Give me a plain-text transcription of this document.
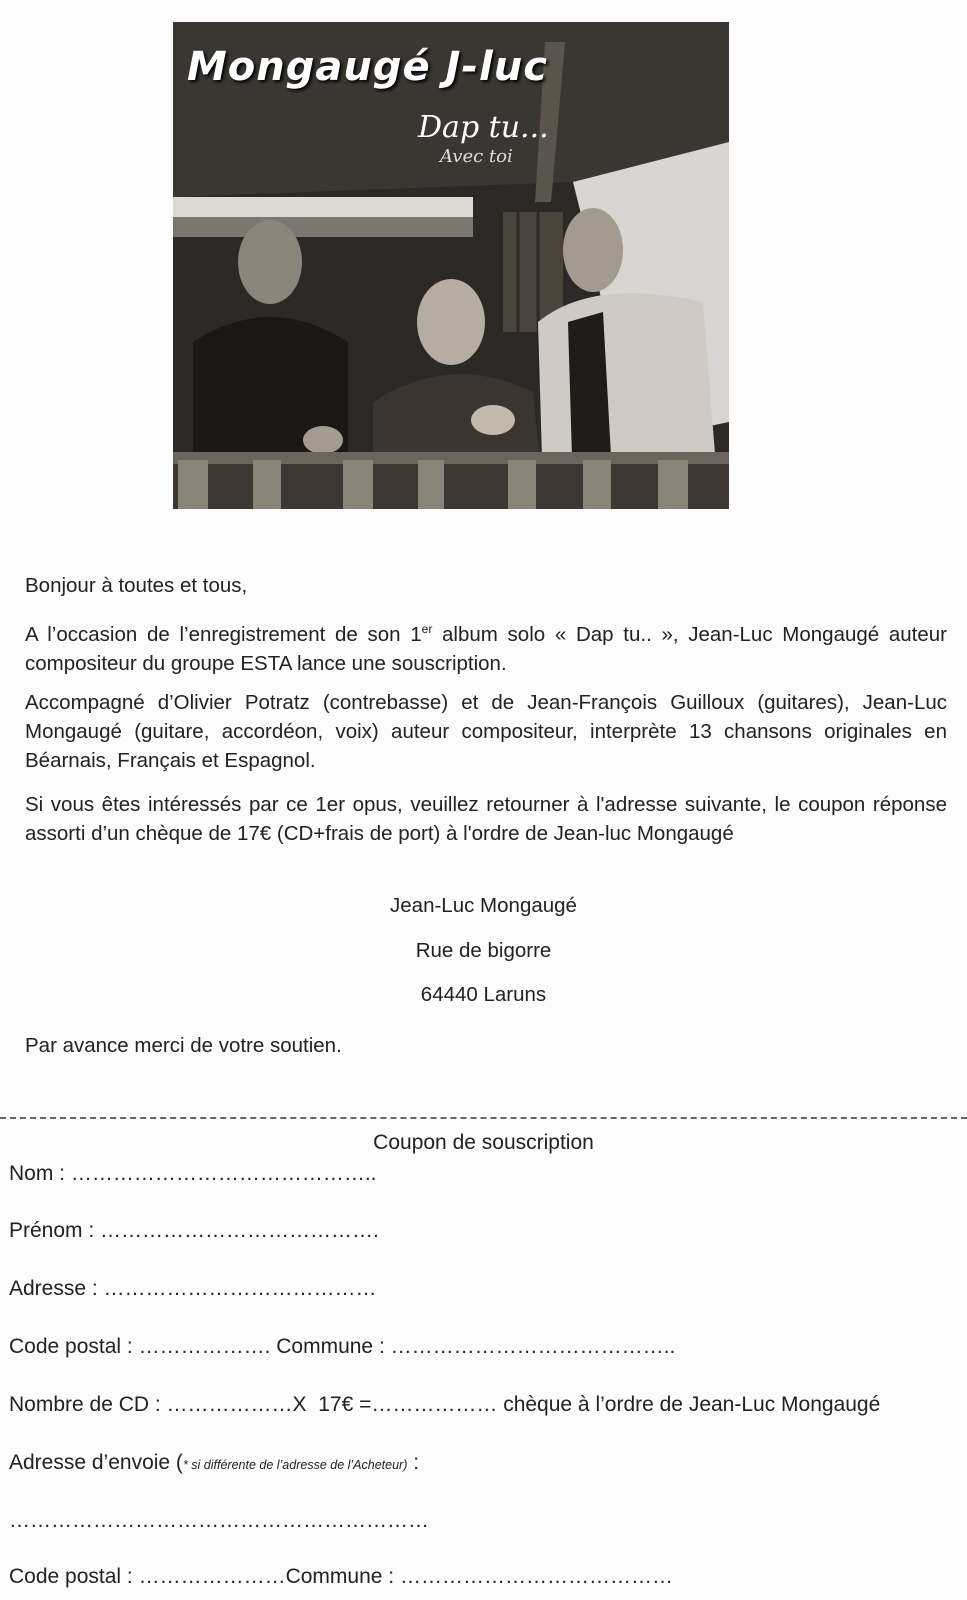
Mongaugé J-luc
Dap tu...
Avec toi

Bonjour à toutes et tous,

A l’occasion de l’enregistrement de son 1er album solo « Dap tu.. », Jean-Luc Mongaugé auteur compositeur du groupe ESTA lance une souscription.

Accompagné d’Olivier Potratz (contrebasse) et de Jean-François Guilloux (guitares), Jean-Luc Mongaugé (guitare, accordéon, voix) auteur compositeur, interprète 13 chansons originales en Béarnais, Français et Espagnol.

Si vous êtes intéressés par ce 1er opus, veuillez retourner à l'adresse suivante, le coupon réponse assorti d’un chèque de 17€ (CD+frais de port) à l'ordre de Jean-luc Mongaugé

Jean-Luc Mongaugé

Rue de bigorre

64440 Laruns

Par avance merci de votre soutien.

Coupon de souscription

Nom : ……………………………………..

Prénom : ………………………………….

Adresse : …………………………………

Code postal : ………………. Commune : …………………………………..

Nombre de CD : ………………X  17€ =……………… chèque à l’ordre de Jean-Luc Mongaugé

Adresse d’envoie (* si différente de l’adresse de l’Acheteur) :

……………………………………………………

Code postal : …………………Commune : …………………………………
